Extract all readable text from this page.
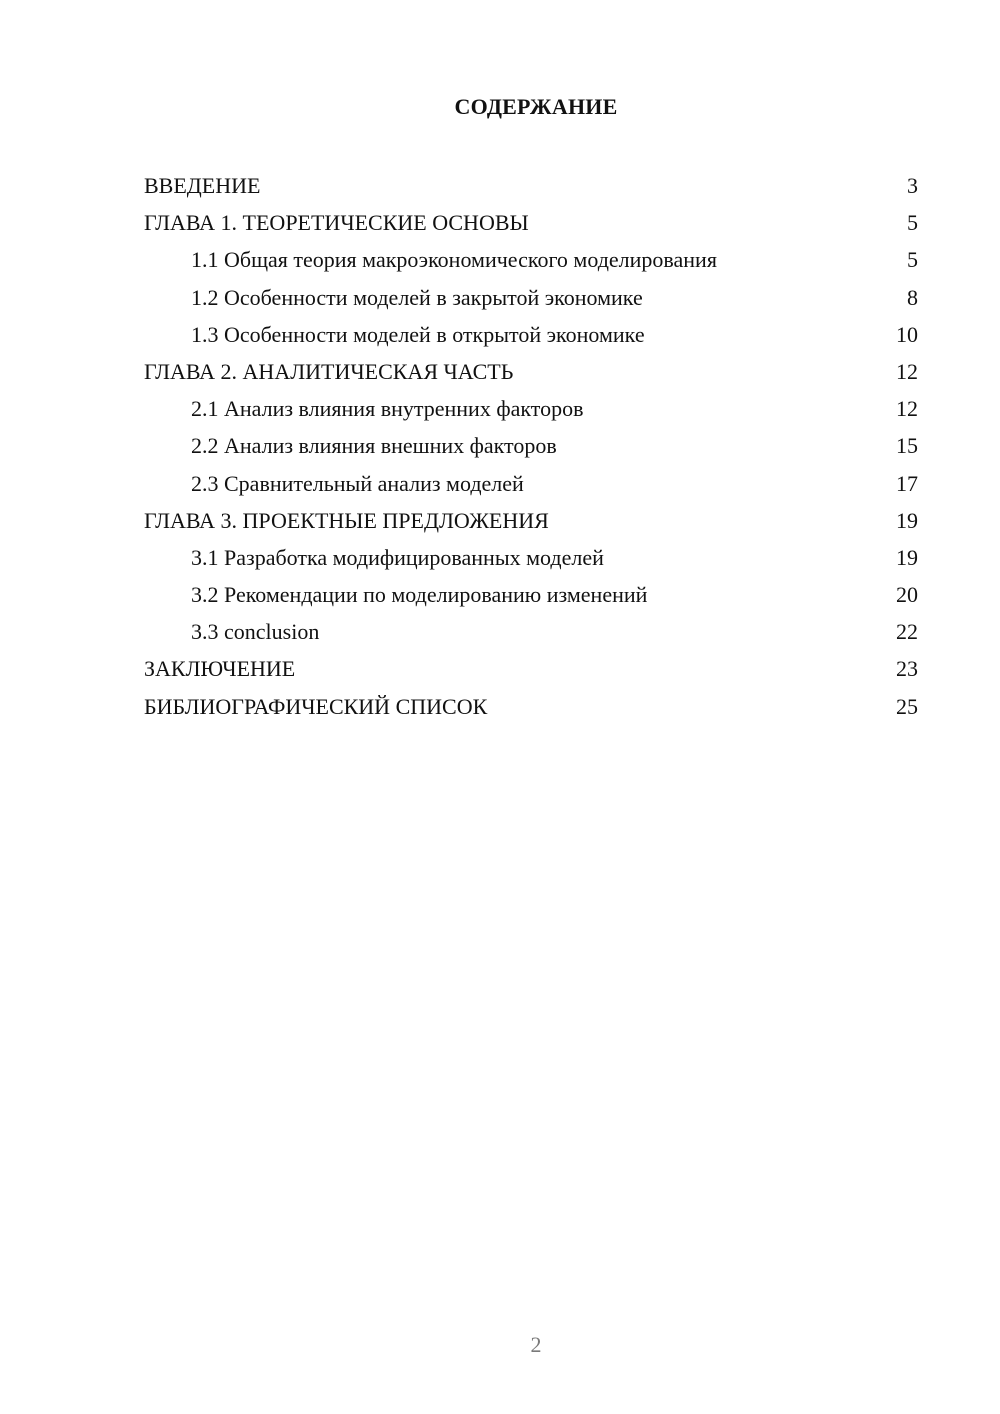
СОДЕРЖАНИЕ
ВВЕДЕНИЕ	3
ГЛАВА 1. ТЕОРЕТИЧЕСКИЕ ОСНОВЫ	5
1.1 Общая теория макроэкономического моделирования	5
1.2 Особенности моделей в закрытой экономике	8
1.3 Особенности моделей в открытой экономике	10
ГЛАВА 2. АНАЛИТИЧЕСКАЯ ЧАСТЬ	12
2.1 Анализ влияния внутренних факторов	12
2.2 Анализ влияния внешних факторов	15
2.3 Сравнительный анализ моделей	17
ГЛАВА 3. ПРОЕКТНЫЕ ПРЕДЛОЖЕНИЯ	19
3.1 Разработка модифицированных моделей	19
3.2 Рекомендации по моделированию изменений	20
3.3 conclusion	22
ЗАКЛЮЧЕНИЕ	23
БИБЛИОГРАФИЧЕСКИЙ СПИСОК	25
2
